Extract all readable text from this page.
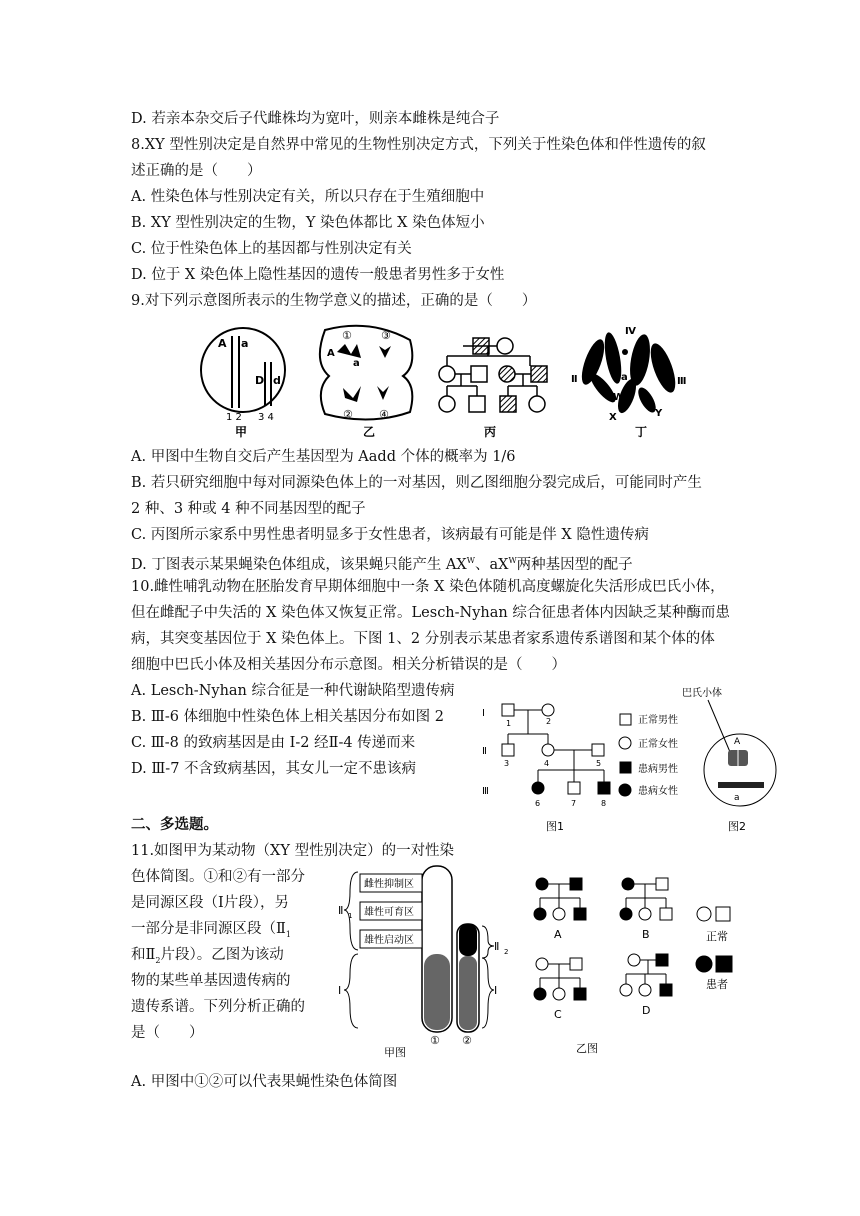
D. 若亲本杂交后子代雌株均为宽叶，则亲本雌株是纯合子
8.XY 型性别决定是自然界中常见的生物性别决定方式，下列关于性染色体和伴性遗传的叙
述正确的是（　　）
A. 性染色体与性别决定有关，所以只存在于生殖细胞中
B. XY 型性别决定的生物，Y 染色体都比 X 染色体短小
C. 位于性染色体上的基因都与性别决定有关
D. 位于 X 染色体上隐性基因的遗传一般患者男性多于女性
9.对下列示意图所表示的生物学意义的描述，正确的是（　　）
A a
D d
1 2 3 4
甲
①	③
② ④
A
a
乙	丙
Ⅳ
Ⅱ	Ⅲ
A
a
W
X	Y
丁
A. 甲图中生物自交后产生基因型为 Aadd 个体的概率为 1/6
B. 若只研究细胞中每对同源染色体上的一对基因，则乙图细胞分裂完成后，可能同时产生
2 种、3 种或 4 种不同基因型的配子
C. 丙图所示家系中男性患者明显多于女性患者，该病最有可能是伴 X 隐性遗传病
D. 丁图表示某果蝇染色体组成，该果蝇只能产生 $AX^W$、$aX^W$两种基因型的配子
10.雌性哺乳动物在胚胎发育早期体细胞中一条 X 染色体随机高度螺旋化失活形成巴氏小体，
但在雌配子中失活的 X 染色体又恢复正常。Lesch-Nyhan 综合征患者体内因缺乏某种酶而患
病，其突变基因位于 X 染色体上。下图 1、2 分别表示某患者家系遗传系谱图和某个体的体
细胞中巴氏小体及相关基因分布示意图。相关分析错误的是（　　）
A. Lesch-Nyhan 综合征是一种代谢缺陷型遗传病
B. Ⅲ-6 体细胞中性染色体上相关基因分布如图 2
C. Ⅲ-8 的致病基因是由 I-2 经Ⅱ-4 传递而来
D. Ⅲ-7 不含致病基因，其女儿一定不患该病
I
Ⅱ
Ⅲ
1	2
3	4	5
6	7	8
图1
正常男性
正常女性
患病男性
患病女性
巴氏小体
A
a
图2
二、多选题。
11.如图甲为某动物（XY 型性别决定）的一对性染
色体简图。①和②有一部分
是同源区段（Ⅰ片段），另
一部分是非同源区段（$Ⅱ_1$
和$Ⅱ_2$片段）。乙图为该动
物的某些单基因遗传病的
遗传系谱。下列分析正确的
是（　　）
雌性抑制区
雄性可育区
雄性启动区
Ⅱ 1
Ⅱ 2
I	I
① ②
甲图
A	B
C	D
正常
患者
乙图
A. 甲图中①②可以代表果蝇性染色体简图
